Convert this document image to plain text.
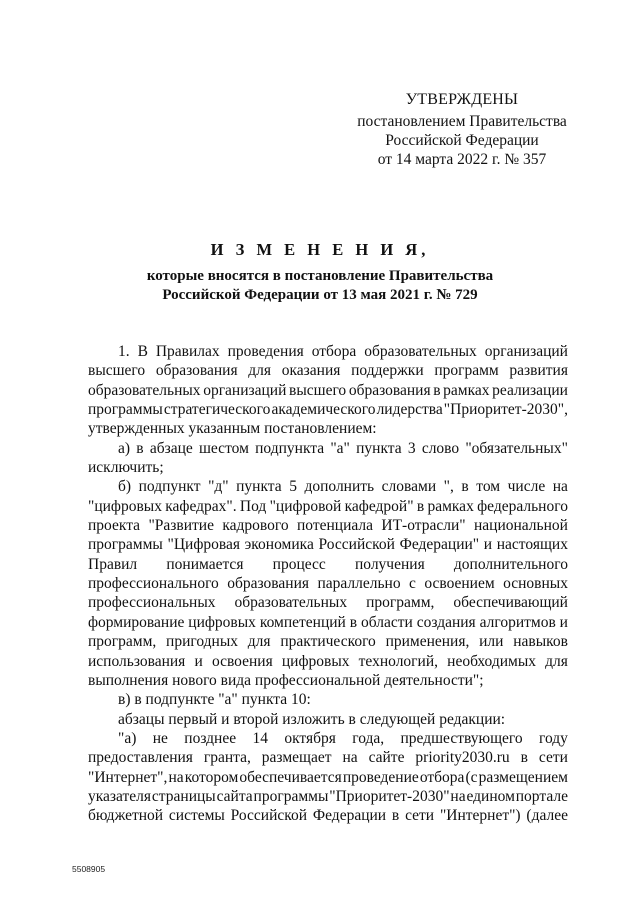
УТВЕРЖДЕНЫ
постановлением Правительства
Российской Федерации
от 14 марта 2022 г. № 357
И З М Е Н Е Н И Я,
которые вносятся в постановление Правительства
Российской Федерации от 13 мая 2021 г. № 729
1. В Правилах проведения отбора образовательных организаций
высшего образования для оказания поддержки программ развития
образовательных организаций высшего образования в рамках реализации
программы стратегического академического лидерства "Приоритет-2030",
утвержденных указанным постановлением:
а) в абзаце шестом подпункта "а" пункта 3 слово "обязательных"
исключить;
б) подпункт "д" пункта 5 дополнить словами ", в том числе на
"цифровых кафедрах". Под "цифровой кафедрой" в рамках федерального
проекта "Развитие кадрового потенциала ИТ-отрасли" национальной
программы "Цифровая экономика Российской Федерации" и настоящих
Правил понимается процесс получения дополнительного
профессионального образования параллельно с освоением основных
профессиональных образовательных программ, обеспечивающий
формирование цифровых компетенций в области создания алгоритмов и
программ, пригодных для практического применения, или навыков
использования и освоения цифровых технологий, необходимых для
выполнения нового вида профессиональной деятельности";
в) в подпункте "а" пункта 10:
абзацы первый и второй изложить в следующей редакции:
"а) не позднее 14 октября года, предшествующего году
предоставления гранта, размещает на сайте priority2030.ru в сети
"Интернет", на котором обеспечивается проведение отбора (с размещением
указателя страницы сайта программы "Приоритет-2030" на едином портале
бюджетной системы Российской Федерации в сети "Интернет") (далее
5508905
